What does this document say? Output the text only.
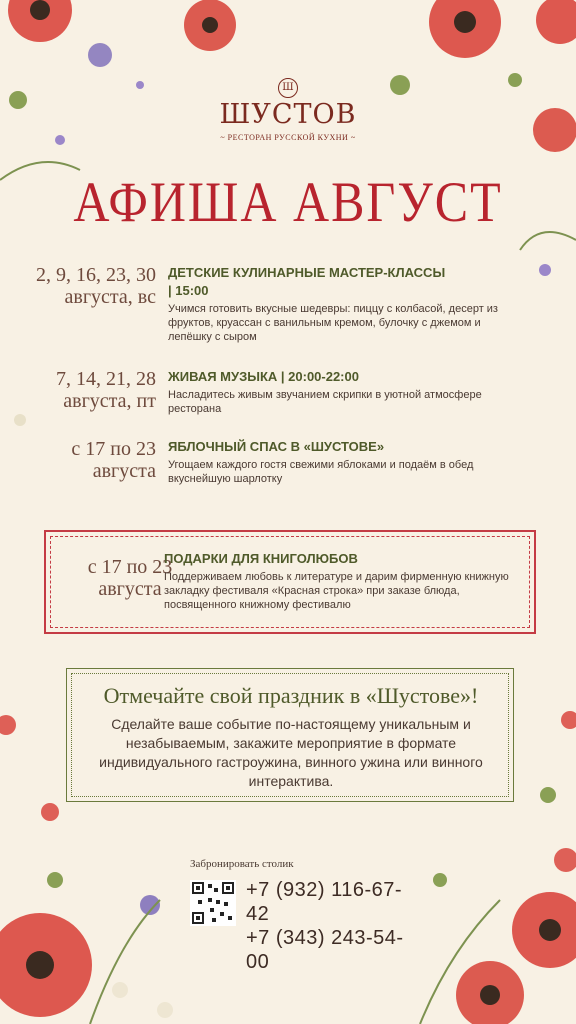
Ш
ШУСТОВ
~ РЕСТОРАН РУССКОЙ КУХНИ ~
АФИША АВГУСТ
2, 9, 16, 23, 30
августа, вс
ДЕТСКИЕ КУЛИНАРНЫЕ МАСТЕР-КЛАССЫ
| 15:00
Учимся готовить вкусные шедевры: пиццу с колбасой, десерт из фруктов, круассан с ванильным кремом, булочку с джемом и лепёшку с сыром
7, 14, 21, 28
августа, пт
ЖИВАЯ МУЗЫКА | 20:00-22:00
Насладитесь живым звучанием скрипки в уютной атмосфере ресторана
с 17 по 23
августа
ЯБЛОЧНЫЙ СПАС В «ШУСТОВЕ»
Угощаем каждого гостя свежими яблоками и подаём в обед вкуснейшую шарлотку
с 17 по 23
августа
ПОДАРКИ ДЛЯ КНИГОЛЮБОВ
Поддерживаем любовь к литературе и дарим фирменную книжную закладку фестиваля «Красная строка» при заказе блюда, посвященного книжному фестивалю
Отмечайте свой праздник в «Шустове»!
Сделайте ваше событие по-настоящему уникальным и незабываемым, закажите мероприятие в формате индивидуального гастроужина, винного ужина или винного интерактива.
Забронировать столик
+7 (932) 116-67-42
+7 (343) 243-54-00
